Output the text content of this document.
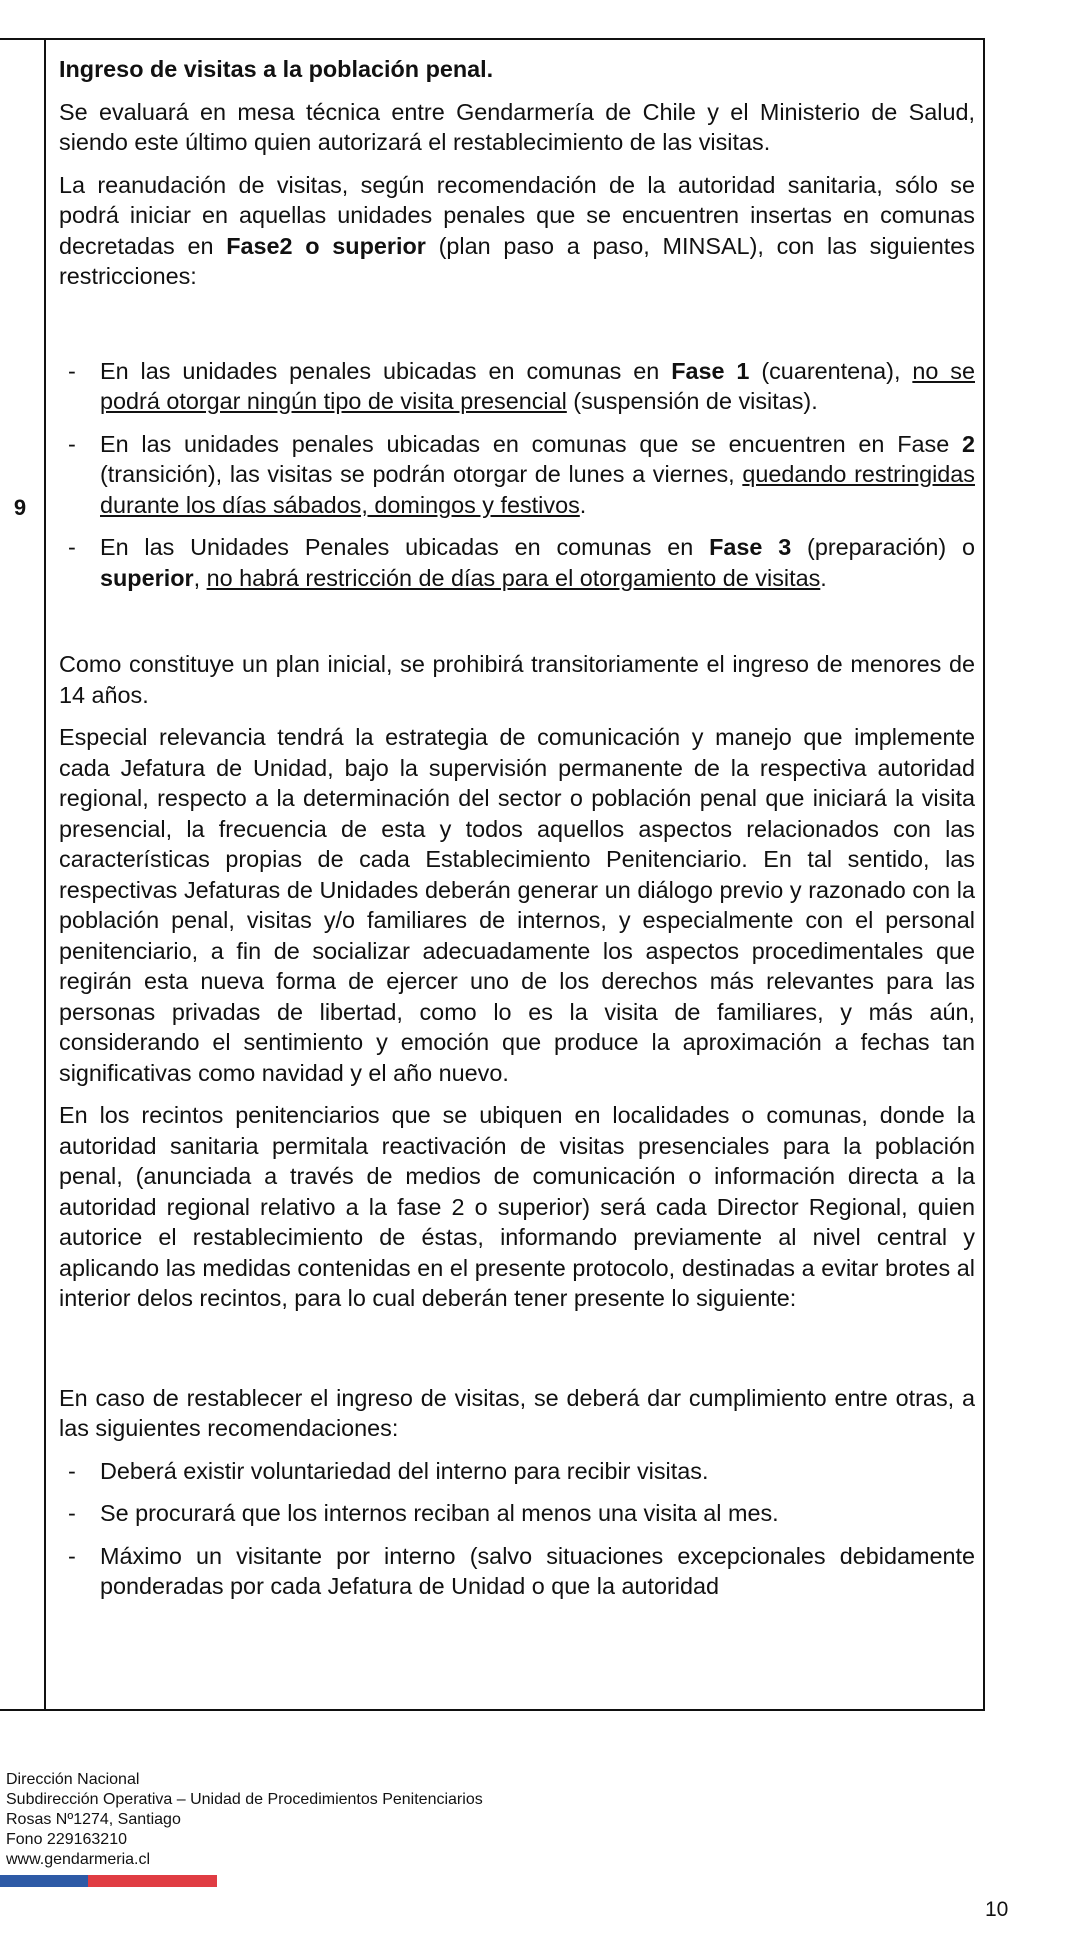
9

Ingreso de visitas a la población penal.

Se evaluará en mesa técnica entre Gendarmería de Chile y el Ministerio de Salud, siendo este último quien autorizará el restablecimiento de las visitas.

La reanudación de visitas, según recomendación de la autoridad sanitaria, sólo se podrá iniciar en aquellas unidades penales que se encuentren insertas en comunas decretadas en Fase2 o superior (plan paso a paso, MINSAL), con las siguientes restricciones:

- En las unidades penales ubicadas en comunas en Fase 1 (cuarentena), no se podrá otorgar ningún tipo de visita presencial (suspensión de visitas).
- En las unidades penales ubicadas en comunas que se encuentren en Fase 2 (transición), las visitas se podrán otorgar de lunes a viernes, quedando restringidas durante los días sábados, domingos y festivos.
- En las Unidades Penales ubicadas en comunas en Fase 3 (preparación) o superior, no habrá restricción de días para el otorgamiento de visitas.

Como constituye un plan inicial, se prohibirá transitoriamente el ingreso de menores de 14 años.

Especial relevancia tendrá la estrategia de comunicación y manejo que implemente cada Jefatura de Unidad, bajo la supervisión permanente de la respectiva autoridad regional, respecto a la determinación del sector o población penal que iniciará la visita presencial, la frecuencia de esta y todos aquellos aspectos relacionados con las características propias de cada Establecimiento Penitenciario. En tal sentido, las respectivas Jefaturas de Unidades deberán generar un diálogo previo y razonado con la población penal, visitas y/o familiares de internos, y especialmente con el personal penitenciario, a fin de socializar adecuadamente los aspectos procedimentales que regirán esta nueva forma de ejercer uno de los derechos más relevantes para las personas privadas de libertad, como lo es la visita de familiares, y más aún, considerando el sentimiento y emoción que produce la aproximación a fechas tan significativas como navidad y el año nuevo.

En los recintos penitenciarios que se ubiquen en localidades o comunas, donde la autoridad sanitaria permitala reactivación de visitas presenciales para la población penal, (anunciada a través de medios de comunicación o información directa a la autoridad regional relativo a la fase 2 o superior) será cada Director Regional, quien autorice el restablecimiento de éstas, informando previamente al nivel central y aplicando las medidas contenidas en el presente protocolo, destinadas a evitar brotes al interior delos recintos, para lo cual deberán tener presente lo siguiente:

En caso de restablecer el ingreso de visitas, se deberá dar cumplimiento entre otras, a las siguientes recomendaciones:

- Deberá existir voluntariedad del interno para recibir visitas.
- Se procurará que los internos reciban al menos una visita al mes.
- Máximo un visitante por interno (salvo situaciones excepcionales debidamente ponderadas por cada Jefatura de Unidad o que la autoridad
Dirección Nacional
Subdirección Operativa – Unidad de Procedimientos Penitenciarios
Rosas Nº1274, Santiago
Fono 229163210
www.gendarmeria.cl
10
